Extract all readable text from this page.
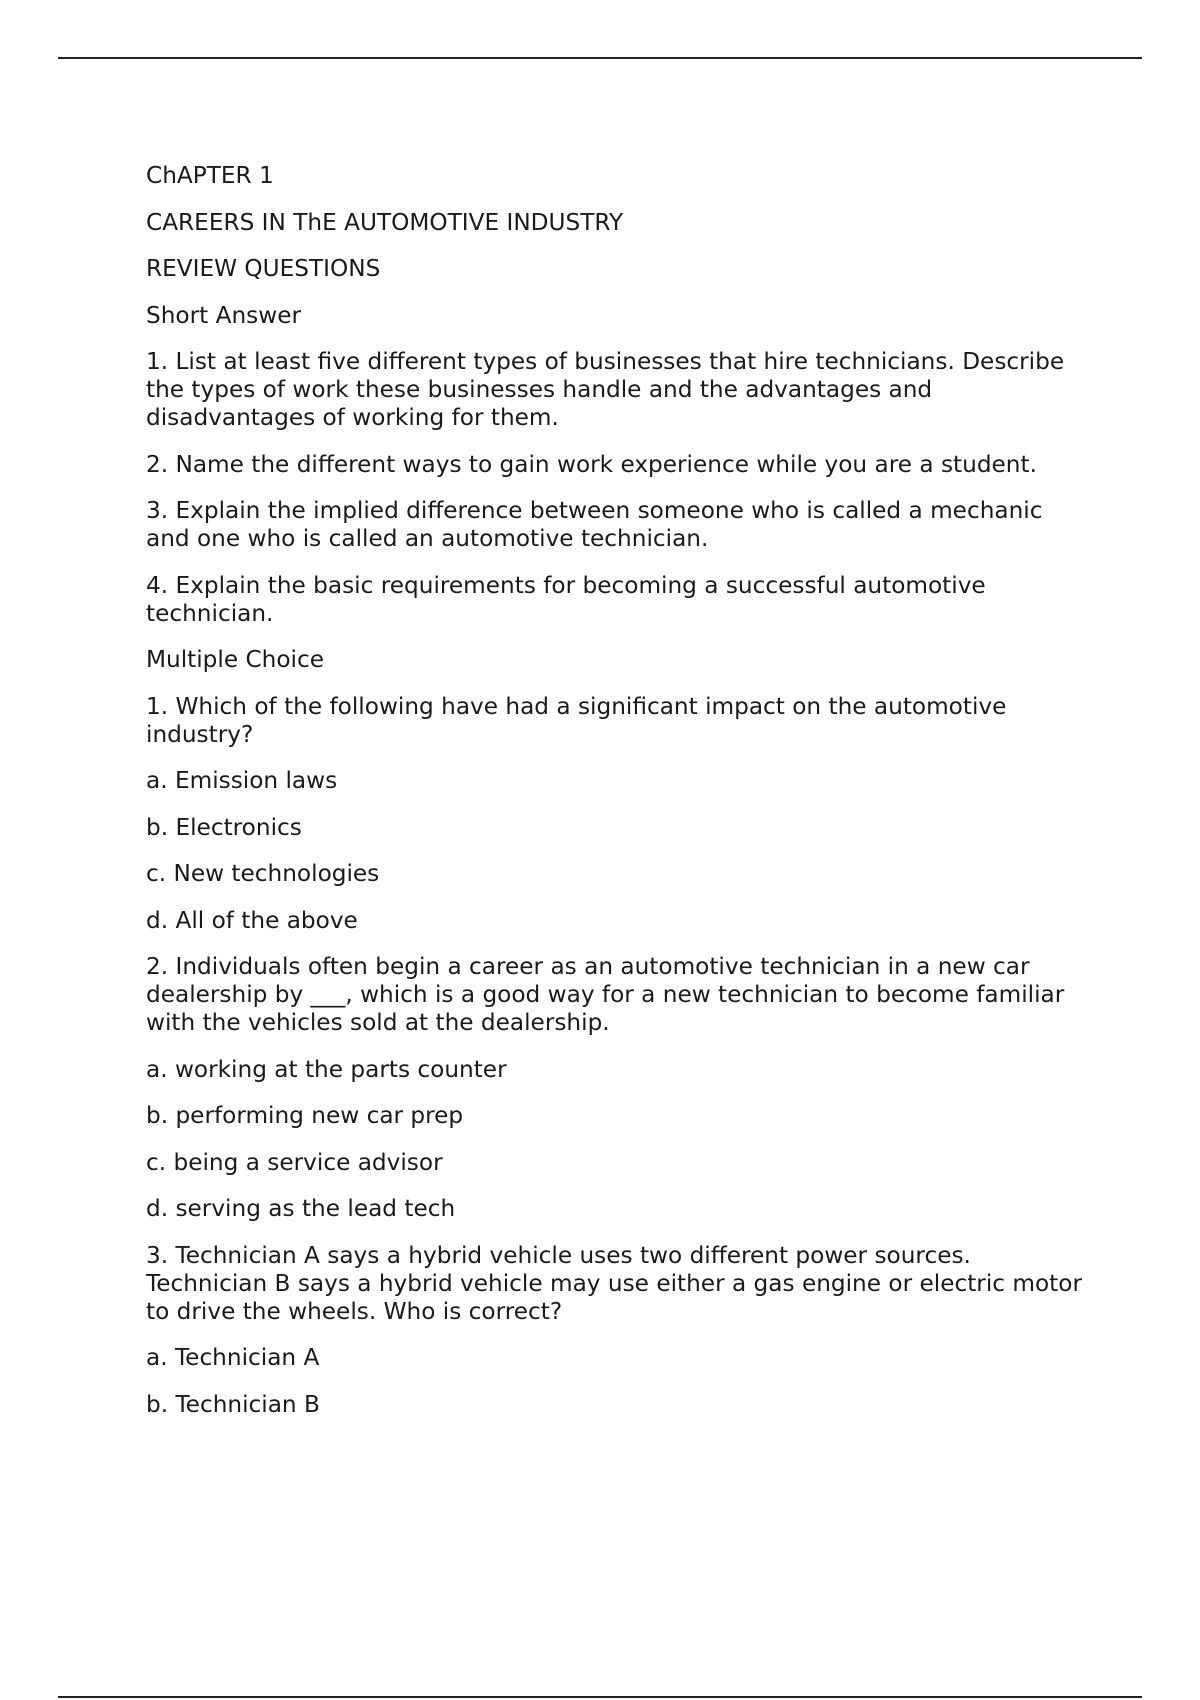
ChAPTER 1

CAREERS IN ThE AUTOMOTIVE INDUSTRY

REVIEW QUESTIONS

Short Answer

1. List at least five different types of businesses that hire technicians. Describe the types of work these businesses handle and the advantages and disadvantages of working for them.

2. Name the different ways to gain work experience while you are a student.

3. Explain the implied difference between someone who is called a mechanic and one who is called an automotive technician.

4. Explain the basic requirements for becoming a successful automotive technician.

Multiple Choice

1. Which of the following have had a significant impact on the automotive industry?

a. Emission laws

b. Electronics

c. New technologies

d. All of the above

2. Individuals often begin a career as an automotive technician in a new car dealership by ___, which is a good way for a new technician to become familiar with the vehicles sold at the dealership.

a. working at the parts counter

b. performing new car prep

c. being a service advisor

d. serving as the lead tech

3. Technician A says a hybrid vehicle uses two different power sources. Technician B says a hybrid vehicle may use either a gas engine or electric motor to drive the wheels. Who is correct?

a. Technician A

b. Technician B
